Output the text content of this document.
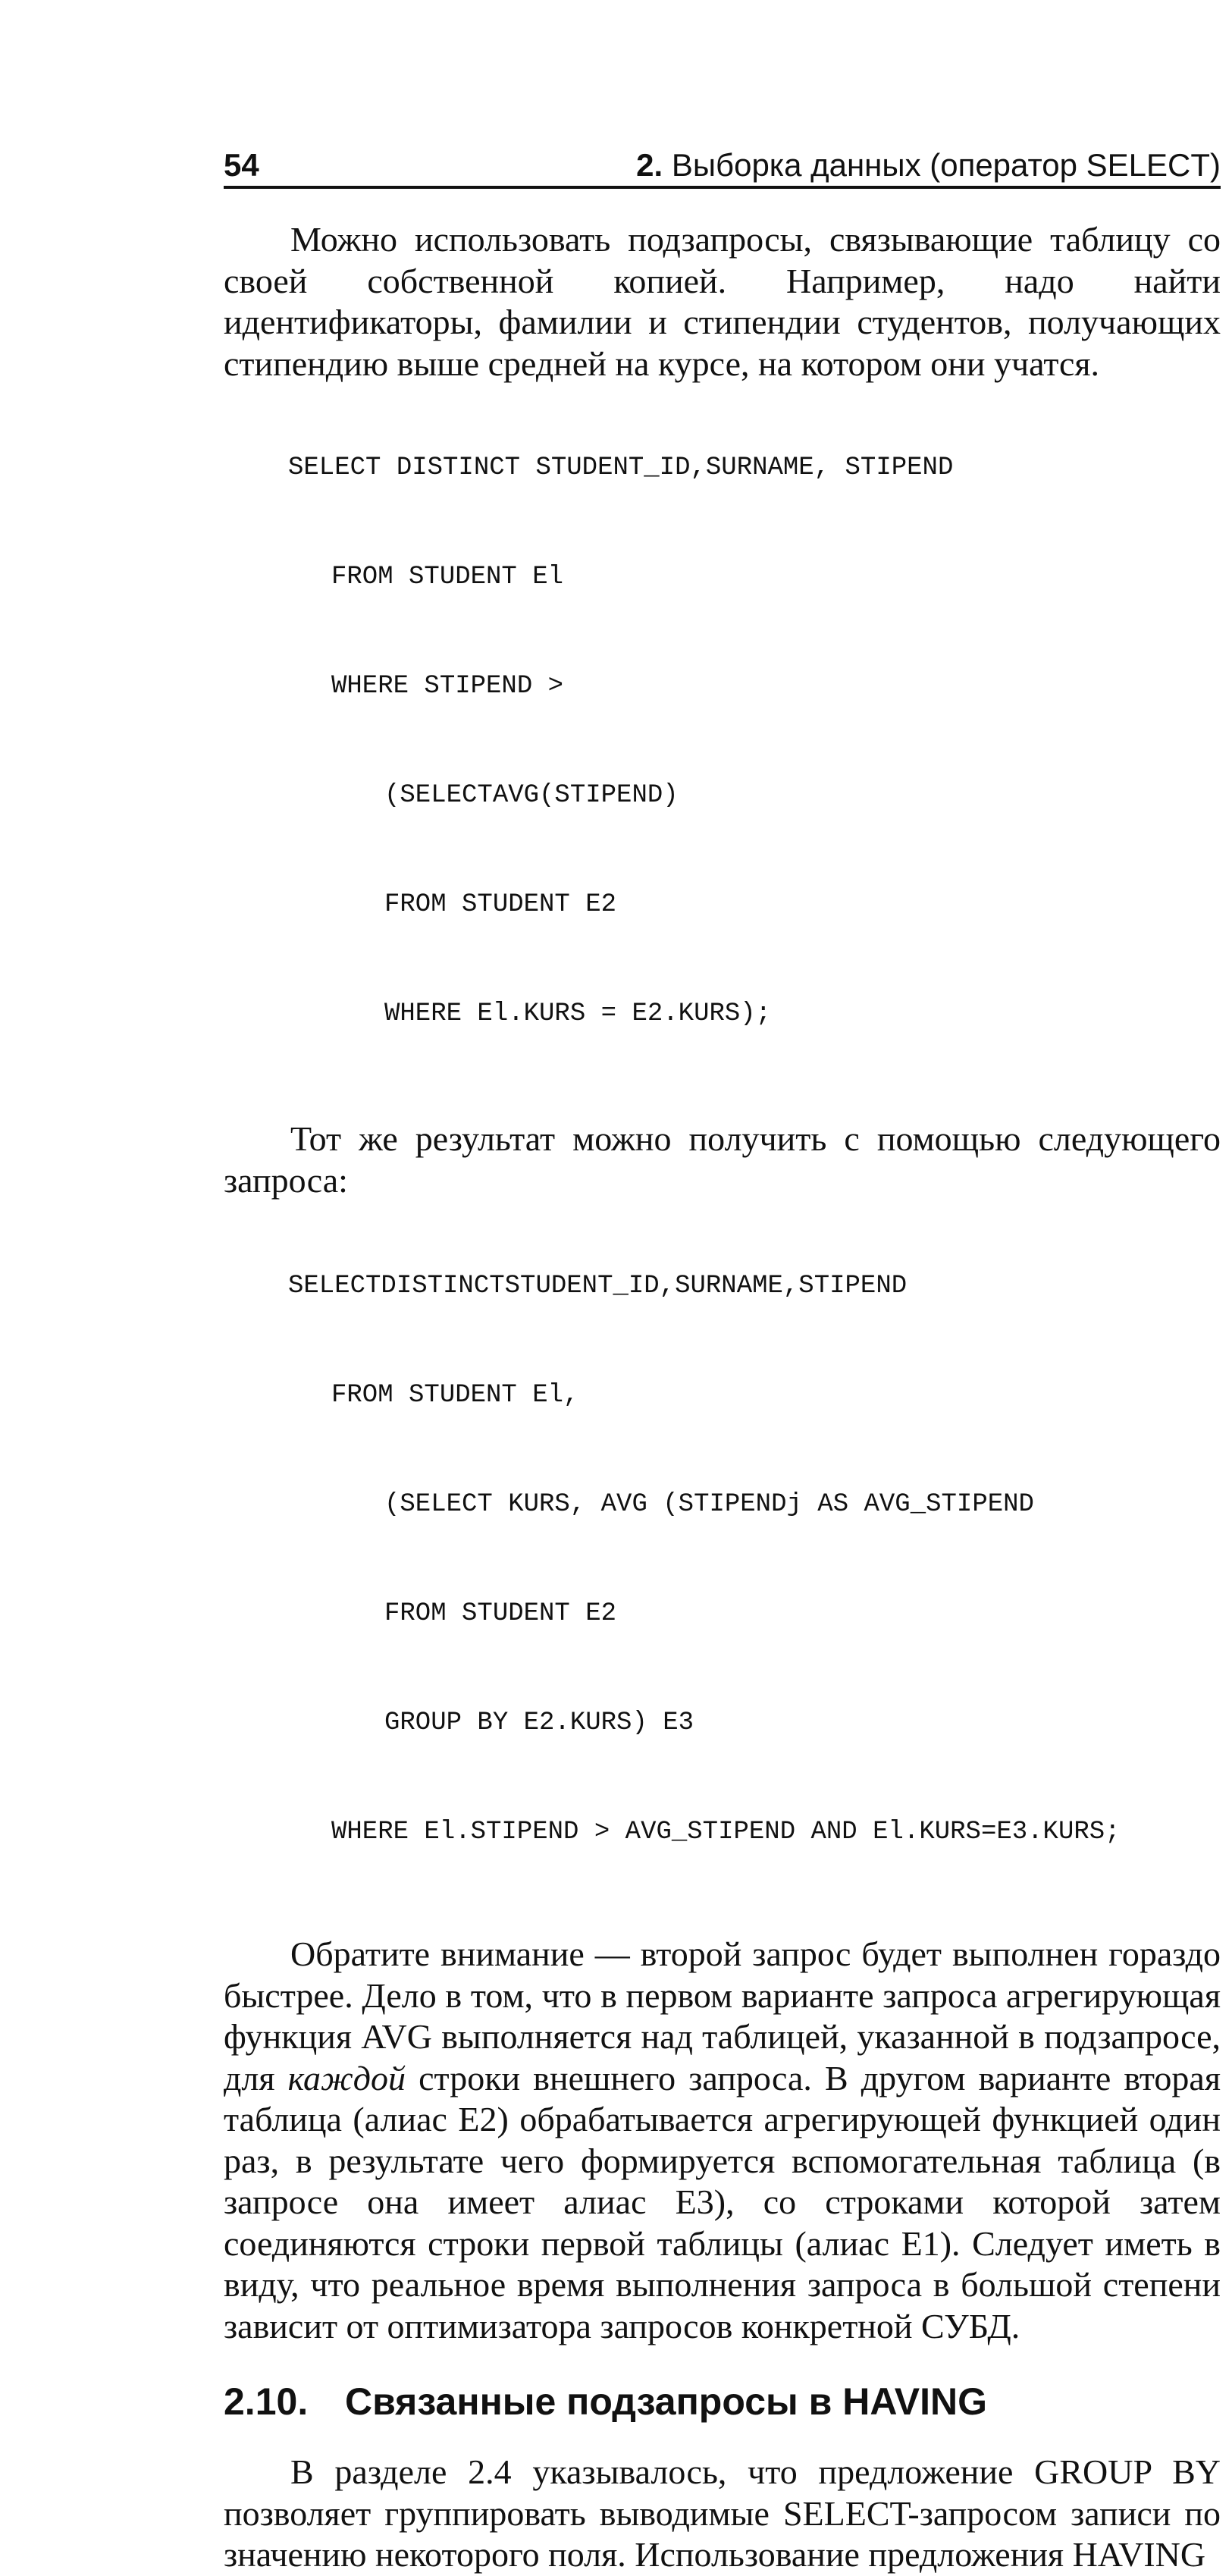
54	2. Выборка данных (оператор SELECT)

Можно использовать подзапросы, связывающие таблицу со своей собственной копией. Например, надо найти идентификаторы, фамилии и стипендии студентов, получающих стипендию выше средней на курсе, на котором они учатся.

SELECT DISTINCT STUDENT_ID,SURNAME, STIPEND

FROM STUDENT El

WHERE STIPEND >

(SELECTAVG(STIPEND)

FROM STUDENT E2

WHERE El.KURS = E2.KURS);

Тот же результат можно получить с помощью следующего запроса:

SELECTDISTINCTSTUDENT_ID,SURNAME,STIPEND

FROM STUDENT El,

(SELECT KURS, AVG (STIPENDj AS AVG_STIPEND

FROM STUDENT E2

GROUP BY E2.KURS) E3

WHERE El.STIPEND > AVG_STIPEND AND El.KURS=E3.KURS;

Обратите внимание — второй запрос будет выполнен гораздо быстрее. Дело в том, что в первом варианте запроса агрегирующая функция AVG выполняется над таблицей, указанной в подзапросе, для каждой строки внешнего запроса. В другом варианте вторая таблица (алиас E2) обрабатывается агрегирующей функцией один раз, в результате чего формируется вспомогательная таблица (в запросе она имеет алиас E3), со строками которой затем соединяются строки первой таблицы (алиас E1). Следует иметь в виду, что реальное время выполнения запроса в большой степени зависит от оптимизатора запросов конкретной СУБД.

2.10. Связанные подзапросы в HAVING

В разделе 2.4 указывалось, что предложение GROUP BY позволяет группировать выводимые SELECT-запросом записи по значению некоторого поля. Использование предложения HAVING
